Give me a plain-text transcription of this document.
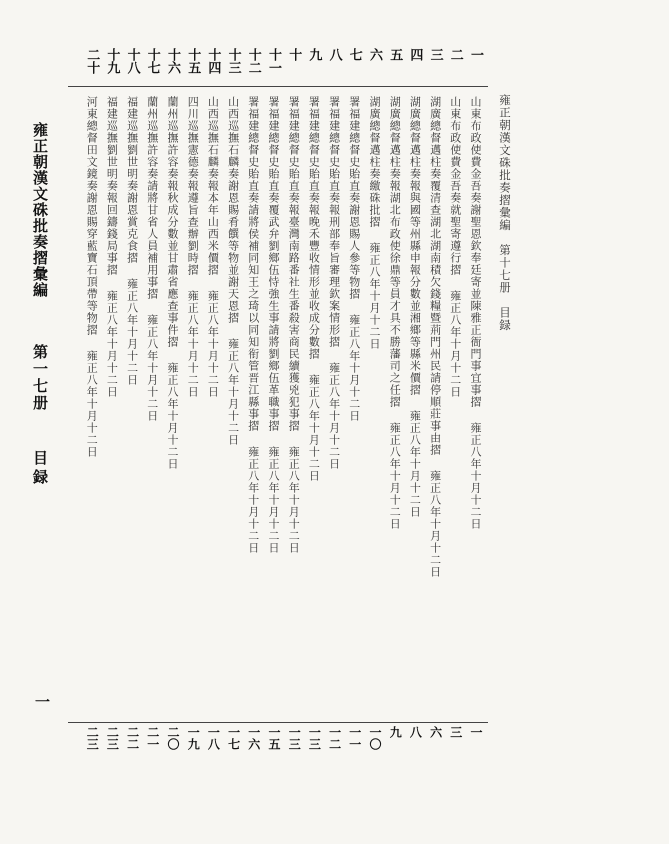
雍正朝漢文硃批奏摺彙編　第十七册　目録
一
山東布政使費金吾奏謝聖恩欽奉廷寄並陳雅正衙門事宜事摺 雍正八年十月十二日
一
二
山東布政使費金吾奏就聖寄遵行摺 雍正八年十月十二日
三
三
湖廣總督邁柱奏覆清查湖北湖南積欠錢糧暨荊門州民請停順莊事由摺 雍正八年十月十二日
六
四
湖廣總督邁柱奏報與國等州縣申報分數並湘鄉等縣米價摺 雍正八年十月十二日
八
五
湖廣總督邁柱奏報湖北布政使徐鼎等員才具不勝藩司之任摺 雍正八年十月十二日
九
六
湖廣總督邁柱奏繳硃批摺 雍正八年十月十二日
一〇
七
署福建總督史貽直奏謝恩賜人參等物摺 雍正八年十月十二日
一一
八
署福建總督史貽直奏報刑部奉旨審理欽案情形摺 雍正八年十月十二日
一二
九
署福建總督史貽直奏報晚禾豐收情形並收成分數摺 雍正八年十月十二日
一三
十
署福建總督史貽直奏報臺灣南路番社生番殺害商民續獲兇犯事摺 雍正八年十月十二日
一三
十一
署福建總督史貽直奏覆武弁劉鄉伍恃強生事請將劉鄉伍革職事摺 雍正八年十月十二日
一五
十二
署福建總督史貽直奏請將侯補同知王之琦以同知衔管晋江縣事摺 雍正八年十月十二日
一六
十三
山西巡撫石麟奏謝恩賜肴饌等物並謝天恩摺 雍正八年十月十二日
一七
十四
山西巡撫石麟奏報本年山西米價摺 雍正八年十月十二日
一八
十五
四川巡撫憲德奏報遵旨查辦劉時摺 雍正八年十月十二日
一九
十六
蘭州巡撫許容奏報秋成分數並甘肅省應查事件摺 雍正八年十月十二日
二〇
十七
蘭州巡撫許容奏請將甘省人員補用事摺 雍正八年十月十二日
二一
十八
福建巡撫劉世明奏謝恩賞克食摺 雍正八年十月十二日
二二
十九
福建巡撫劉世明奏報回鑄錢局事摺 雍正八年十月十二日
二三
二十
河東總督田文鏡奏謝恩賜穿藍寶石頂帶等物摺 雍正八年十月十二日
二三
雍正朝漢文硃批奏摺彙編
第一七册
目録
一
